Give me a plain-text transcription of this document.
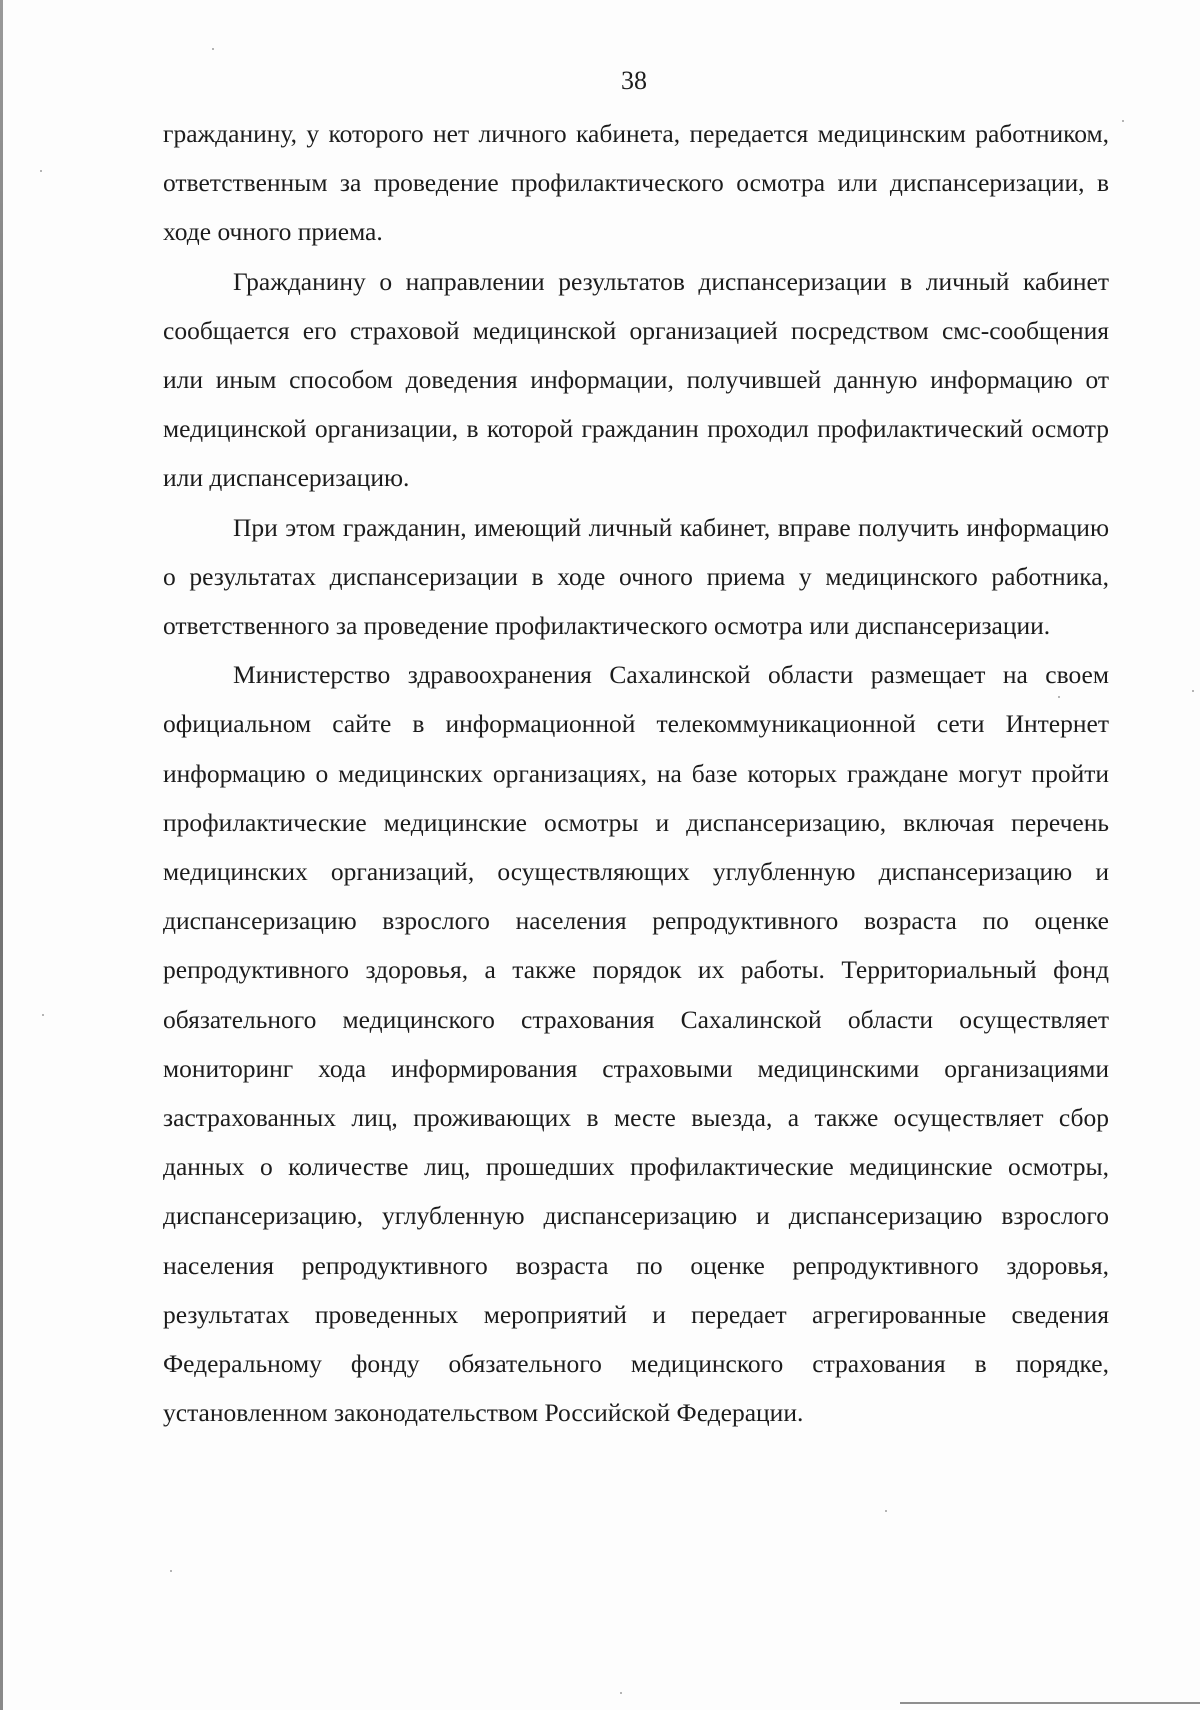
38

гражданину, у которого нет личного кабинета, передается медицинским работником, ответственным за проведение профилактического осмотра или диспансеризации, в ходе очного приема.

Гражданину о направлении результатов диспансеризации в личный кабинет сообщается его страховой медицинской организацией посредством смс-сообщения или иным способом доведения информации, получившей данную информацию от медицинской организации, в которой гражданин проходил профилактический осмотр или диспансеризацию.

При этом гражданин, имеющий личный кабинет, вправе получить информацию о результатах диспансеризации в ходе очного приема у медицинского работника, ответственного за проведение профилактического осмотра или диспансеризации.

Министерство здравоохранения Сахалинской области размещает на своем официальном сайте в информационной телекоммуникационной сети Интернет информацию о медицинских организациях, на базе которых граждане могут пройти профилактические медицинские осмотры и диспансеризацию, включая перечень медицинских организаций, осуществляющих углубленную диспансеризацию и диспансеризацию взрослого населения репродуктивного возраста по оценке репродуктивного здоровья, а также порядок их работы. Территориальный фонд обязательного медицинского страхования Сахалинской области осуществляет мониторинг хода информирования страховыми медицинскими организациями застрахованных лиц, проживающих в месте выезда, а также осуществляет сбор данных о количестве лиц, прошедших профилактические медицинские осмотры, диспансеризацию, углубленную диспансеризацию и диспансеризацию взрослого населения репродуктивного возраста по оценке репродуктивного здоровья, результатах проведенных мероприятий и передает агрегированные сведения Федеральному фонду обязательного медицинского страхования в порядке, установленном законодательством Российской Федерации.
